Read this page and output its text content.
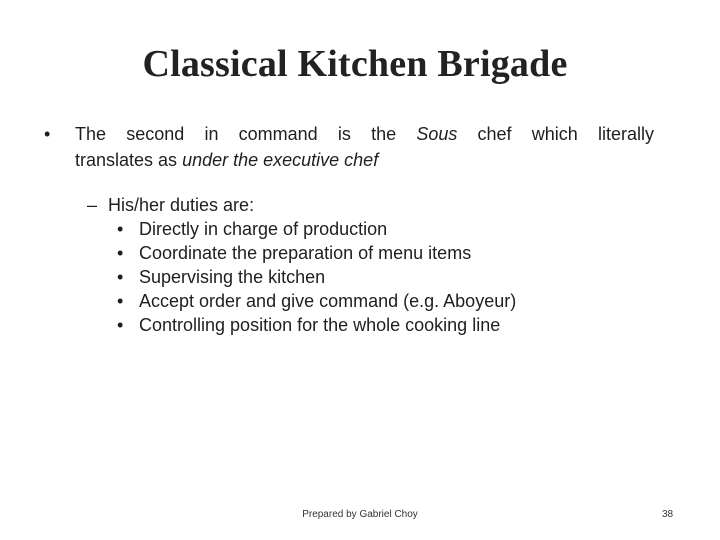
Classical Kitchen Brigade
• The second in command is the Sous chef which literally
translates as under the executive chef
– His/her duties are:
• Directly in charge of production
• Coordinate the preparation of menu items
• Supervising the kitchen
• Accept order and give command (e.g. Aboyeur)
• Controlling position for the whole cooking line
Prepared by Gabriel Choy	38
